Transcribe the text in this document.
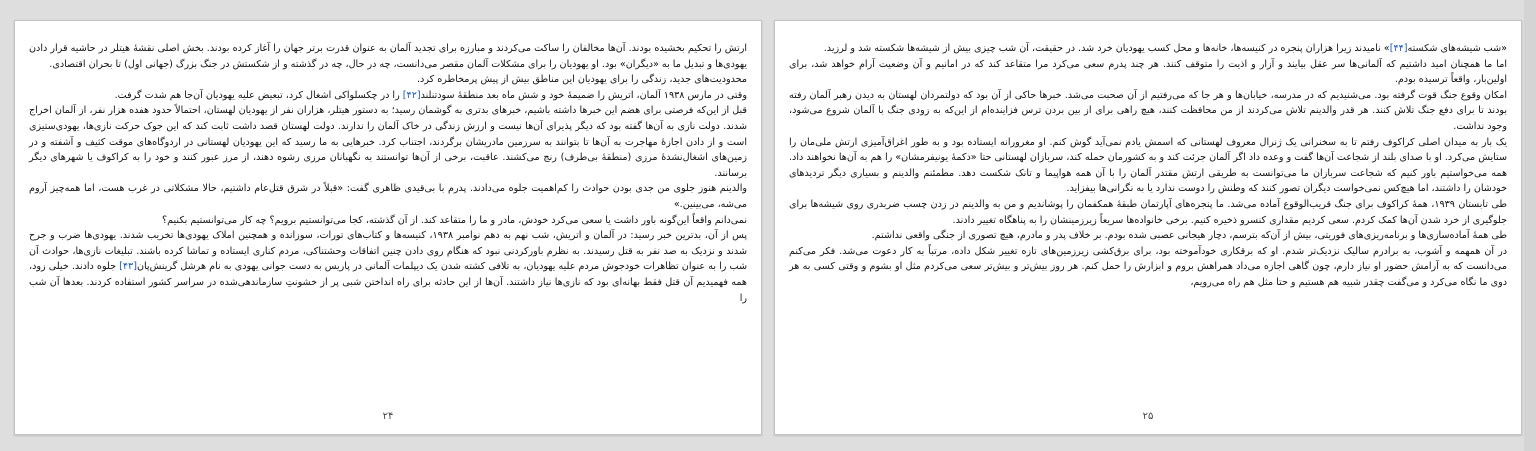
ارتش را تحکیم بخشیده بودند. آن‌ها مخالفان را ساکت می‌کردند و مبارزه برای تجدید آلمان به عنوان قدرت برتر جهان را آغاز کرده بودند. بخش اصلی نقشهٔ هیتلر در حاشیه قرار دادن یهودی‌ها و تبدیل ما به «دیگران» بود. او یهودیان را برای مشکلات آلمان مقصر می‌دانست، چه در حال، چه در گذشته و از شکستش در جنگ بزرگ (جهانی اول) تا بحران اقتصادی.

محدودیت‌های جدید، زندگی را برای یهودیان این مناطق بیش از پیش پرمخاطره کرد.

وقتی در مارس ۱۹۳۸ آلمان، اتریش را ضمیمهٔ خود و شش ماه بعد منطقهٔ سودتنلند[۴۲] را در چکسلواکی اشغال کرد، تبعیض علیه یهودیان آن‌جا هم شدت گرفت.

قبل از این‌که فرصتی برای هضم این خبرها داشته باشیم، خبرهای بدتری به گوشمان رسید؛ به دستور هیتلر، هزاران نفر از یهودیان لهستان، احتمالاً حدود هفده هزار نفر، از آلمان اخراج شدند. دولت نازی به آن‌ها گفته بود که دیگر پذیرای آن‌ها نیست و ارزش زندگی در خاک آلمان را ندارند. دولت لهستان قصد داشت ثابت کند که این جوک حرکت نازی‌ها، یهودی‌ستیزی است و از دادن اجازهٔ مهاجرت به آن‌ها تا بتوانند به سرزمین مادریشان برگردند، اجتناب کرد. خبرهایی به ما رسید که این یهودیان لهستانی در اردوگاه‌های موقت کثیف و آشفته و در زمین‌های اشغال‌نشدهٔ مرزی (منطقهٔ بی‌طرف) رنج می‌کشند. عاقبت، برخی از آن‌ها توانستند به نگهبانان مرزی رشوه دهند، از مرز عبور کنند و خود را به کراکوف یا شهرهای دیگر برسانند.

والدینم هنوز جلوی من جدی بودن حوادث را کم‌اهمیت جلوه می‌دادند. پدرم با بی‌قیدی ظاهری گفت: «قبلاً در شرق قتل‌عام داشتیم، حالا مشکلاتی در غرب هست، اما همه‌چیز آروم می‌شه، می‌بینین.»

نمی‌دانم واقعاً این‌گونه باور داشت یا سعی می‌کرد خودش، مادر و ما را متقاعد کند. از آن گذشته، کجا می‌توانستیم برویم؟ چه کار می‌توانستیم بکنیم؟

پس از آن، بدترین خبر رسید: در آلمان و اتریش، شب نهم به دهم نوامبر ۱۹۳۸، کنیسه‌ها و کتاب‌های تورات، سوزانده و همچنین املاک یهودی‌ها تخریب شدند. یهودی‌ها ضرب و جرح شدند و نزدیک به صد نفر به قتل رسیدند. به نظرم باورکردنی نبود که هنگام روی دادن چنین اتفاقات وحشتناکی، مردم کناری ایستاده و تماشا کرده باشند. تبلیغات نازی‌ها، حوادث آن شب را به عنوان تظاهرات خودجوش مردم علیه یهودیان، به تلافی کشته شدن یک دیپلمات آلمانی در پاریس به دست جوانی یهودی به نام هرشل گرینش‌پان[۴۳] جلوه دادند. خیلی زود، همه فهمیدیم آن قتل فقط بهانه‌ای بود که نازی‌ها نیاز داشتند. آن‌ها از این حادثه برای راه انداختن شبی پر از خشونتِ سازماندهی‌شده در سراسر کشور استفاده کردند. بعدها آن شب را

۲۴

«شب شیشه‌های شکسته[۴۴]» نامیدند زیرا هزاران پنجره در کنیسه‌ها، خانه‌ها و محل کسب یهودیان خرد شد. در حقیقت، آن شب چیزی بیش از شیشه‌ها شکسته شد و لرزید.

اما ما همچنان امید داشتیم که آلمانی‌ها سر عقل بیایند و آزار و اذیت را متوقف کنند. هر چند پدرم سعی می‌کرد مرا متقاعد کند که در امانیم و آن وضعیت آرام خواهد شد، برای اولین‌بار، واقعاً ترسیده بودم.

امکان وقوع جنگ قوت گرفته بود. می‌شنیدیم که در مدرسه، خیابان‌ها و هر جا که می‌رفتیم از آن صحبت می‌شد. خبرها حاکی از آن بود که دولتمردان لهستان به دیدن رهبر آلمان رفته بودند تا برای دفع جنگ تلاش کنند. هر قدر والدینم تلاش می‌کردند از من محافظت کنند، هیچ راهی برای از بین بردن ترس فزاینده‌ام از این‌که به زودی جنگ با آلمان شروع می‌شود، وجود نداشت.

یک بار به میدان اصلی کراکوف رفتم تا به سخنرانی یک ژنرال معروف لهستانی که اسمش یادم نمی‌آید گوش کنم. او مغرورانه ایستاده بود و به طور اغراق‌آمیزی ارتش ملی‌مان را ستایش می‌کرد. او با صدای بلند از شجاعت آن‌ها گفت و وعده داد اگر آلمان جرئت کند و به کشورمان حمله کند، سربازان لهستانی حتا «دکمهٔ یونیفرمشان» را هم به آن‌ها نخواهند داد. همه می‌خواستیم باور کنیم که شجاعت سربازان ما می‌توانست به طریقی ارتش مقتدر آلمان را با آن همه هواپیما و تانک شکست دهد. مطمئنم والدینم و بسیاری دیگر تردیدهای خودشان را داشتند، اما هیچ‌کس نمی‌خواست دیگران تصور کنند که وطنش را دوست ندارد یا به نگرانی‌ها بیفزاید.

طی تابستان ۱۹۳۹، همهٔ کراکوف برای جنگ قریب‌الوقوع آماده می‌شد. ما پنجره‌های آپارتمان طبقهٔ همکفمان را پوشاندیم و من به والدینم در زدن چسب ضربدری روی شیشه‌ها برای جلوگیری از خرد شدن آن‌ها کمک کردم. سعی کردیم مقداری کنسرو ذخیره کنیم. برخی خانواده‌ها سریعاً زیرزمینشان را به پناهگاه تغییر دادند.

طی همهٔ آماده‌سازی‌ها و برنامه‌ریزی‌های فوریتی، بیش از آن‌که بترسم، دچار هیجانی عصبی شده بودم. بر خلاف پدر و مادرم، هیچ تصوری از جنگی واقعی نداشتم.

در آن همهمه و آشوب، به برادرم سالیک نزدیک‌تر شدم. او که برقکاری خودآموخته بود، برای برق‌کشی زیرزمین‌های تازه تغییر شکل داده، مرتباً به کار دعوت می‌شد. فکر می‌کنم می‌دانست که به آرامش حضور او نیاز دارم، چون گاهی اجازه می‌داد همراهش بروم و ابزارش را حمل کنم. هر روز بیش‌تر و بیش‌تر سعی می‌کردم مثل او بشوم و وقتی کسی به هر دوی ما نگاه می‌کرد و می‌گفت چقدر شبیه هم هستیم و حتا مثل هم راه می‌رویم،

۲۵
